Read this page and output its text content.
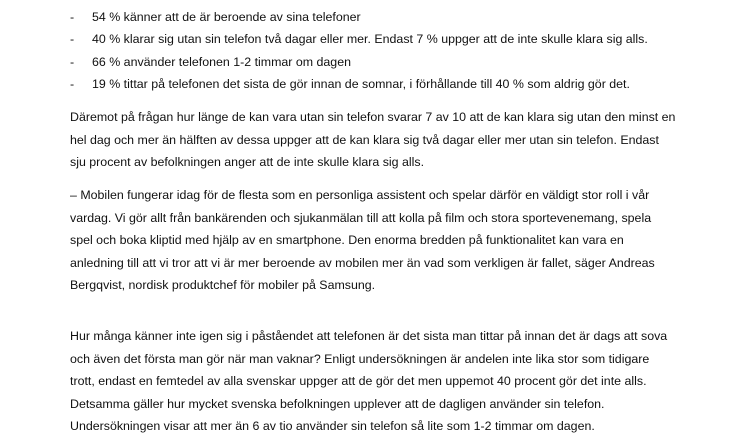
-	54 % känner att de är beroende av sina telefoner
-	40 % klarar sig utan sin telefon två dagar eller mer. Endast 7 % uppger att de inte skulle klara sig alls.
-	66 % använder telefonen 1-2 timmar om dagen
-	19 % tittar på telefonen det sista de gör innan de somnar, i förhållande till 40 % som aldrig gör det.

Däremot på frågan hur länge de kan vara utan sin telefon svarar 7 av 10 att de kan klara sig utan den minst en
hel dag och mer än hälften av dessa uppger att de kan klara sig två dagar eller mer utan sin telefon. Endast
sju procent av befolkningen anger att de inte skulle klara sig alls.

– Mobilen fungerar idag för de flesta som en personliga assistent och spelar därför en väldigt stor roll i vår
vardag. Vi gör allt från bankärenden och sjukanmälan till att kolla på film och stora sportevenemang, spela
spel och boka kliptid med hjälp av en smartphone. Den enorma bredden på funktionalitet kan vara en
anledning till att vi tror att vi är mer beroende av mobilen mer än vad som verkligen är fallet, säger Andreas
Bergqvist, nordisk produktchef för mobiler på Samsung.

Hur många känner inte igen sig i påståendet att telefonen är det sista man tittar på innan det är dags att sova
och även det första man gör när man vaknar? Enligt undersökningen är andelen inte lika stor som tidigare
trott, endast en femtedel av alla svenskar uppger att de gör det men uppemot 40 procent gör det inte alls.
Detsamma gäller hur mycket svenska befolkningen upplever att de dagligen använder sin telefon.
Undersökningen visar att mer än 6 av tio använder sin telefon så lite som 1-2 timmar om dagen.
